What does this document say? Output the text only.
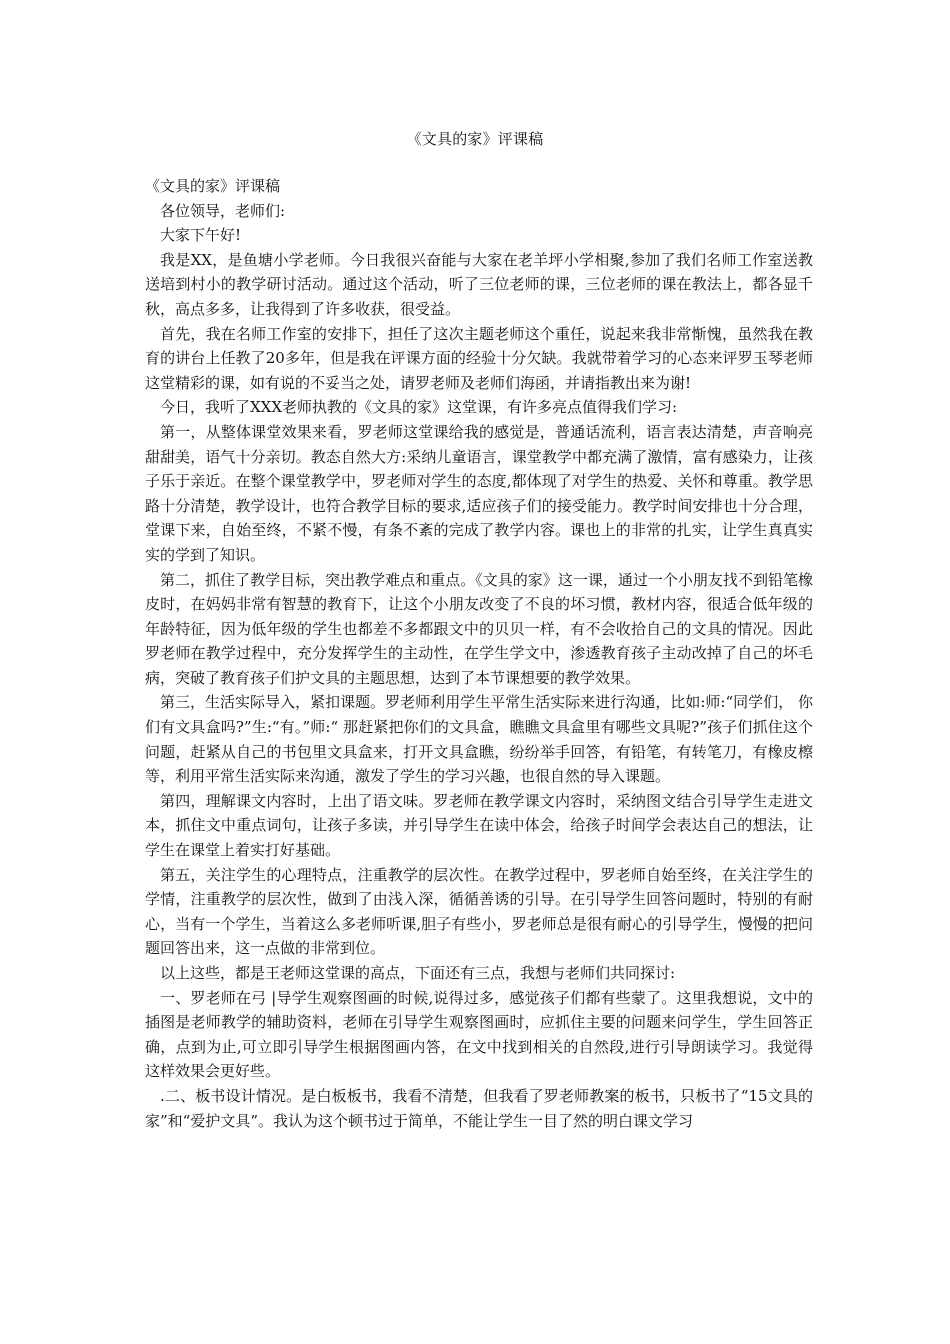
《文具的家》评课稿

《文具的家》评课稿

各位领导，老师们:

大家下午好!

我是XX，是鱼塘小学老师。今日我很兴奋能与大家在老羊坪小学相聚,参加了我们名师工作室送教送培到村小的教学研讨活动。通过这个活动，听了三位老师的课，三位老师的课在教法上，都各显千秋，高点多多，让我得到了许多收获，很受益。

首先，我在名师工作室的安排下，担任了这次主题老师这个重任，说起来我非常惭愧，虽然我在教育的讲台上任教了20多年，但是我在评课方面的经验十分欠缺。我就带着学习的心态来评罗玉琴老师这堂精彩的课，如有说的不妥当之处，请罗老师及老师们海函，并请指教出来为谢!

今日，我听了XXX老师执教的《文具的家》这堂课，有许多亮点值得我们学习:

第一，从整体课堂效果来看，罗老师这堂课给我的感觉是，普通话流利，语言表达清楚，声音响亮甜甜美，语气十分亲切。教态自然大方:采纳儿童语言，课堂教学中都充满了激情，富有感染力，让孩子乐于亲近。在整个课堂教学中，罗老师对学生的态度,都体现了对学生的热爱、关怀和尊重。教学思路十分清楚，教学设计，也符合教学目标的要求,适应孩子们的接受能力。教学时间安排也十分合理，堂课下来，自始至终，不紧不慢，有条不紊的完成了教学内容。课也上的非常的扎实，让学生真真实实的学到了知识。

第二，抓住了教学目标，突出教学难点和重点。《文具的家》这一课，通过一个小朋友找不到铅笔橡皮时，在妈妈非常有智慧的教育下，让这个小朋友改变了不良的坏习惯，教材内容，很适合低年级的年龄特征，因为低年级的学生也都差不多都跟文中的贝贝一样，有不会收拾自己的文具的情况。因此罗老师在教学过程中，充分发挥学生的主动性，在学生学文中，渗透教育孩子主动改掉了自己的坏毛病，突破了教育孩子们护文具的主题思想，达到了本节课想要的教学效果。

第三，生活实际导入，紧扣课题。罗老师利用学生平常生活实际来进行沟通，比如:师:“同学们， 你们有文具盒吗?”生:“有。”师:“ 那赶紧把你们的文具盒，瞧瞧文具盒里有哪些文具呢?”孩子们抓住这个问题，赶紧从自己的书包里文具盒来，打开文具盒瞧，纷纷举手回答，有铅笔，有转笔刀，有橡皮檫等，利用平常生活实际来沟通，激发了学生的学习兴趣，也很自然的导入课题。

第四，理解课文内容时，上出了语文味。罗老师在教学课文内容时，采纳图文结合引导学生走进文本，抓住文中重点词句，让孩子多读，并引导学生在读中体会，给孩子时间学会表达自己的想法，让学生在课堂上着实打好基础。

第五，关注学生的心理特点，注重教学的层次性。在教学过程中，罗老师自始至终，在关注学生的学情，注重教学的层次性，做到了由浅入深，循循善诱的引导。在引导学生回答问题时，特别的有耐心，当有一个学生，当着这么多老师听课,胆子有些小，罗老师总是很有耐心的引导学生，慢慢的把问题回答出来，这一点做的非常到位。

以上这些，都是王老师这堂课的高点，下面还有三点，我想与老师们共同探讨:

一、罗老师在弓 |导学生观察图画的时候,说得过多，感觉孩子们都有些蒙了。这里我想说，文中的插图是老师教学的辅助资料，老师在引导学生观察图画时，应抓住主要的问题来问学生，学生回答正确，点到为止,可立即引导学生根据图画内答，在文中找到相关的自然段,进行引导朗读学习。我觉得这样效果会更好些。

.二、板书设计情况。是白板板书，我看不清楚，但我看了罗老师教案的板书，只板书了“15文具的家”和“爱护文具”。我认为这个顿书过于简单，不能让学生一目了然的明白课文学习
